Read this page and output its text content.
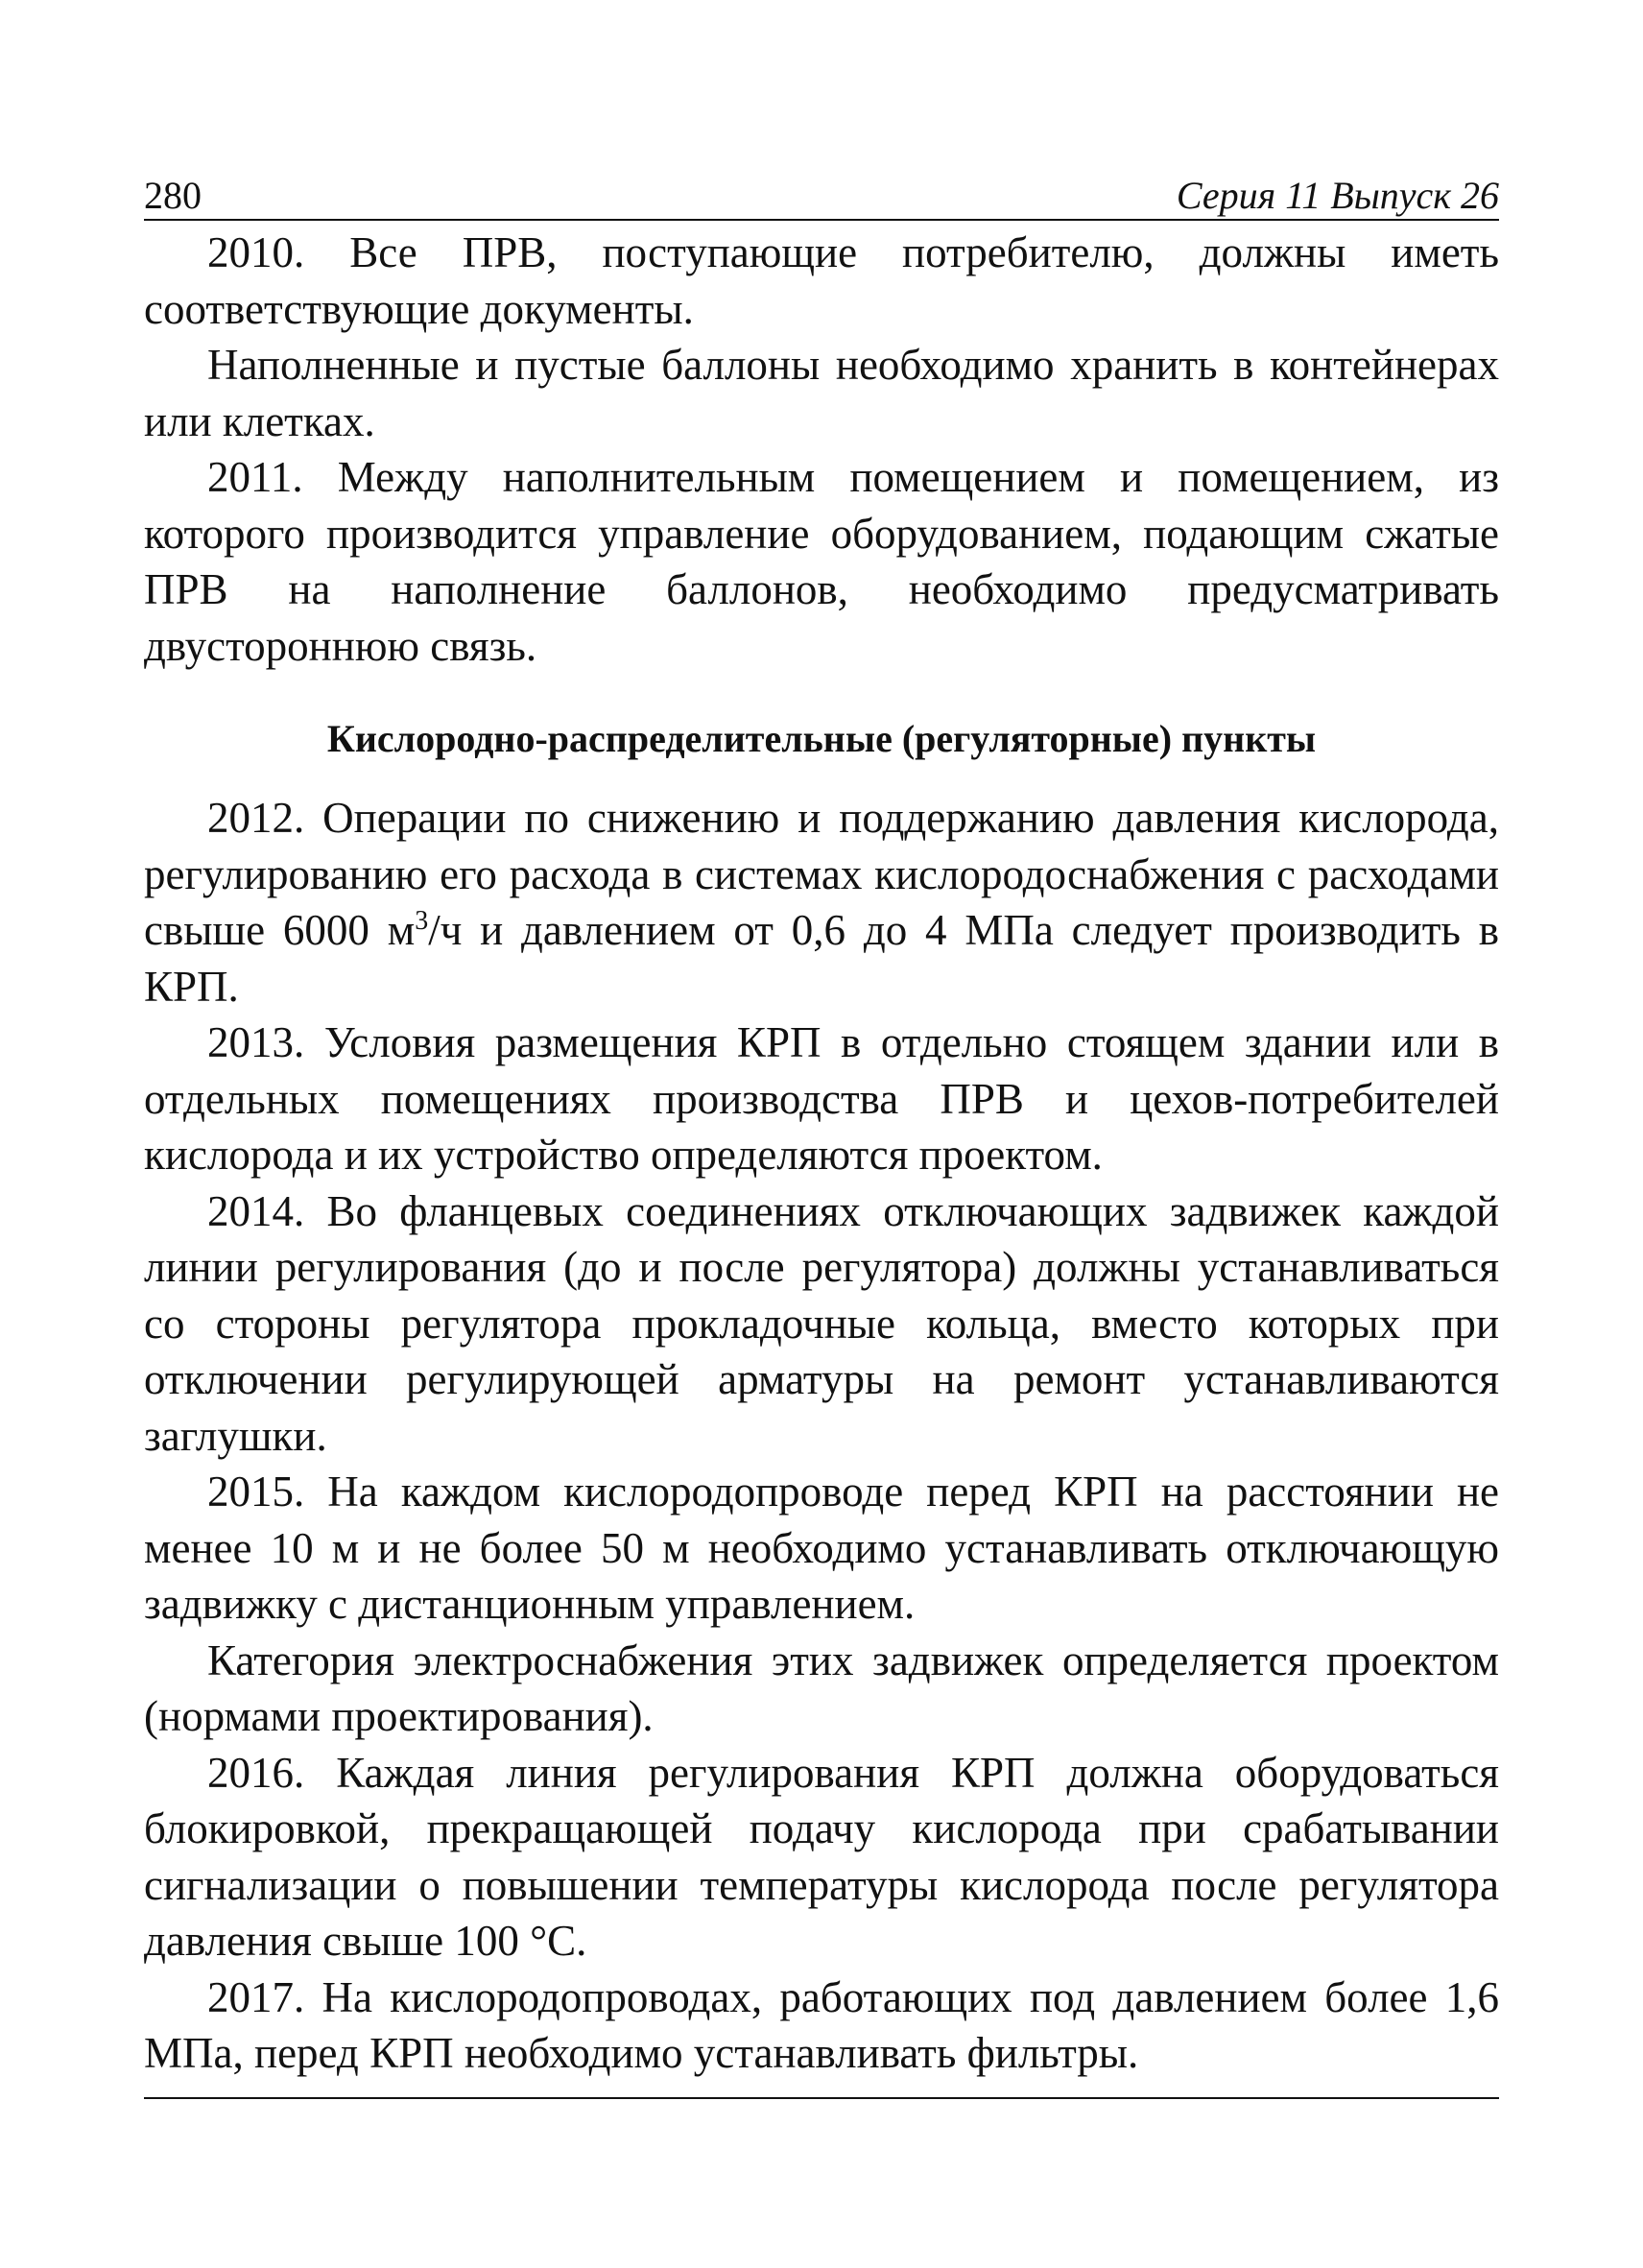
280	Серия 11 Выпуск 26

2010. Все ПРВ, поступающие потребителю, должны иметь соответствующие документы.

Наполненные и пустые баллоны необходимо хранить в контейнерах или клетках.

2011. Между наполнительным помещением и помещением, из которого производится управление оборудованием, подающим сжатые ПРВ на наполнение баллонов, необходимо предусматривать двустороннюю связь.

Кислородно-распределительные (регуляторные) пункты

2012. Операции по снижению и поддержанию давления кислорода, регулированию его расхода в системах кислородоснабжения с расходами свыше 6000 $м^3/ч$ и давлением от 0,6 до 4 МПа следует производить в КРП.

2013. Условия размещения КРП в отдельно стоящем здании или в отдельных помещениях производства ПРВ и цехов-потребителей кислорода и их устройство определяются проектом.

2014. Во фланцевых соединениях отключающих задвижек каждой линии регулирования (до и после регулятора) должны устанавливаться со стороны регулятора прокладочные кольца, вместо которых при отключении регулирующей арматуры на ремонт устанавливаются заглушки.

2015. На каждом кислородопроводе перед КРП на расстоянии не менее 10 м и не более 50 м необходимо устанавливать отключающую задвижку с дистанционным управлением.

Категория электроснабжения этих задвижек определяется проектом (нормами проектирования).

2016. Каждая линия регулирования КРП должна оборудоваться блокировкой, прекращающей подачу кислорода при срабатывании сигнализации о повышении температуры кислорода после регулятора давления свыше 100 °С.

2017. На кислородопроводах, работающих под давлением более 1,6 МПа, перед КРП необходимо устанавливать фильтры.
